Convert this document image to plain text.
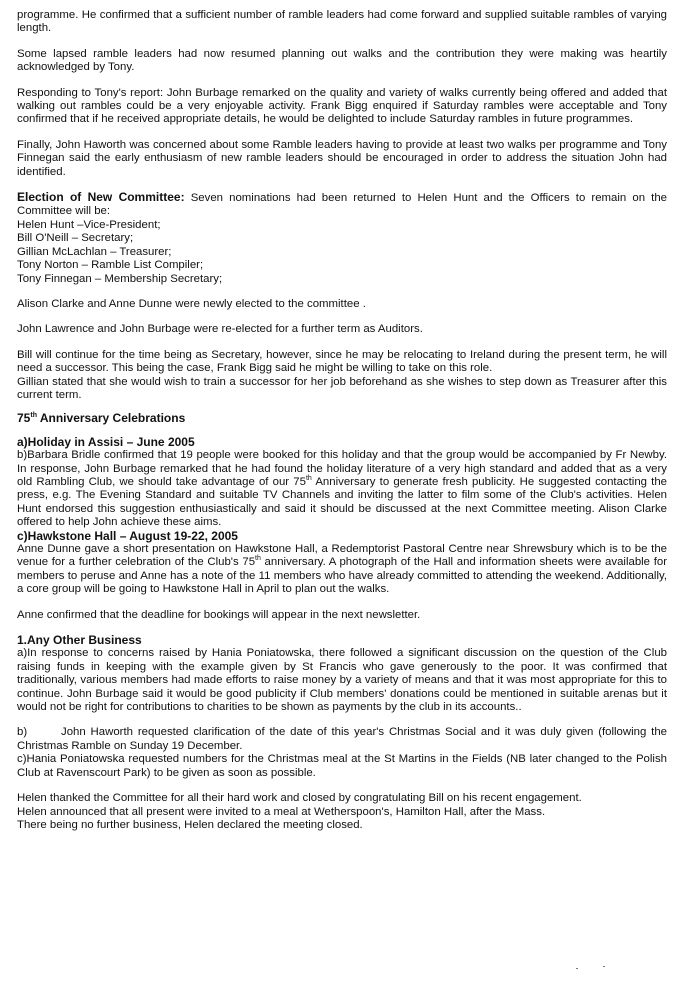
programme. He confirmed that a sufficient number of ramble leaders had come forward and supplied suitable rambles of varying length.

Some lapsed ramble leaders had now resumed planning out walks and the contribution they were making was heartily acknowledged by Tony.

Responding to Tony's report: John Burbage remarked on the quality and variety of walks currently being offered and added that walking out rambles could be a very enjoyable activity. Frank Bigg enquired if Saturday rambles were acceptable and Tony confirmed that if he received appropriate details, he would be delighted to include Saturday rambles in future programmes.

Finally, John Haworth was concerned about some Ramble leaders having to provide at least two walks per programme and Tony Finnegan said the early enthusiasm of new ramble leaders should be encouraged in order to address the situation John had identified.

Election of New Committee: Seven nominations had been returned to Helen Hunt and the Officers to remain on the Committee will be:

Helen Hunt –Vice-President;
Bill O'Neill – Secretary;
Gillian McLachlan – Treasurer;
Tony Norton – Ramble List Compiler;
Tony Finnegan – Membership Secretary;

Alison Clarke and Anne Dunne were newly elected to the committee .

John Lawrence and John Burbage were re-elected for a further term as Auditors.

Bill will continue for the time being as Secretary, however, since he may be relocating to Ireland during the present term, he will need a successor. This being the case, Frank Bigg said he might be willing to take on this role.

Gillian stated that she would wish to train a successor for her job beforehand as she wishes to step down as Treasurer after this current term.

75th Anniversary Celebrations

a)Holiday in Assisi – June 2005

b)Barbara Bridle confirmed that 19 people were booked for this holiday and that the group would be accompanied by Fr Newby. In response, John Burbage remarked that he had found the holiday literature of a very high standard and added that as a very old Rambling Club, we should take advantage of our 75th Anniversary to generate fresh publicity. He suggested contacting the press, e.g. The Evening Standard and suitable TV Channels and inviting the latter to film some of the Club's activities. Helen Hunt endorsed this suggestion enthusiastically and said it should be discussed at the next Committee meeting. Alison Clarke offered to help John achieve these aims.

c)Hawkstone Hall – August 19-22, 2005

Anne Dunne gave a short presentation on Hawkstone Hall, a Redemptorist Pastoral Centre near Shrewsbury which is to be the venue for a further celebration of the Club's 75th anniversary. A photograph of the Hall and information sheets were available for members to peruse and Anne has a note of the 11 members who have already committed to attending the weekend. Additionally, a core group will be going to Hawkstone Hall in April to plan out the walks.

Anne confirmed that the deadline for bookings will appear in the next newsletter.

1.Any Other Business

a)In response to concerns raised by Hania Poniatowska, there followed a significant discussion on the question of the Club raising funds in keeping with the example given by St Francis who gave generously to the poor. It was confirmed that traditionally, various members had made efforts to raise money by a variety of means and that it was most appropriate for this to continue. John Burbage said it would be good publicity if Club members' donations could be mentioned in suitable arenas but it would not be right for contributions to charities to be shown as payments by the club in its accounts..

b)       John Haworth requested clarification of the date of this year's Christmas Social and it was duly given (following the Christmas Ramble on Sunday 19 December.

c)Hania Poniatowska requested numbers for the Christmas meal at the St Martins in the Fields (NB later changed to the Polish Club at Ravenscourt Park) to be given as soon as possible.

Helen thanked the Committee for all their hard work and closed by congratulating Bill on his recent engagement.
Helen announced that all present were invited to a meal at Wetherspoon's, Hamilton Hall, after the Mass.
There being no further business, Helen declared the meeting closed.
